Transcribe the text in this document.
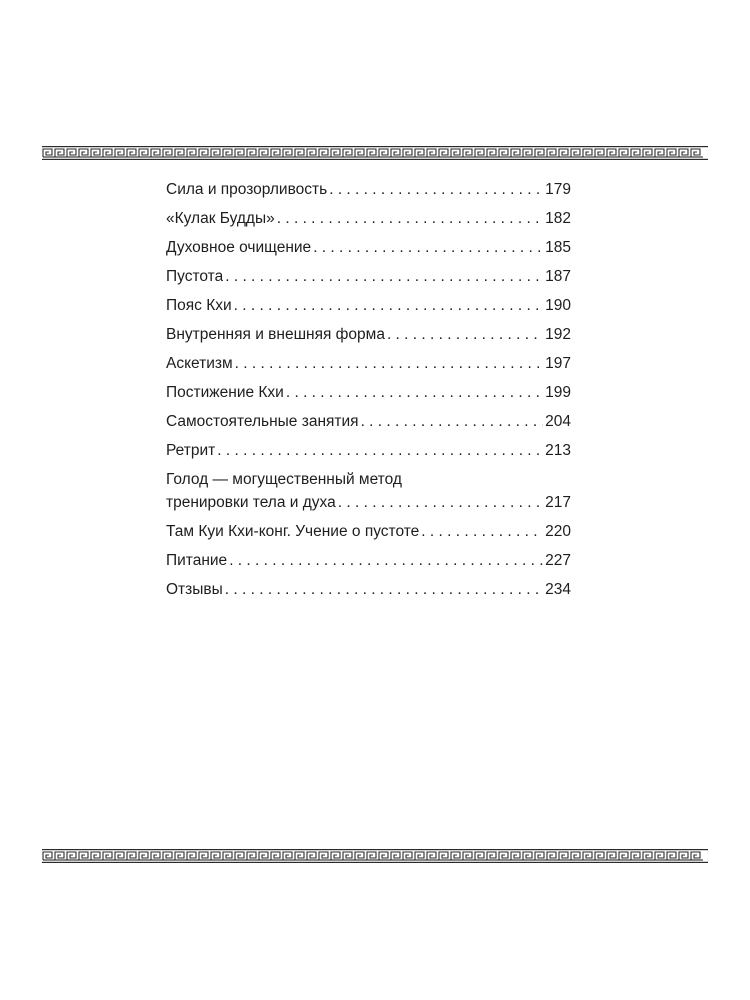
Сила и прозорливость . . .	179
«Кулак Будды» . . .	182
Духовное очищение . . .	185
Пустота . . .	187
Пояс Кхи . . .	190
Внутренняя и внешняя форма . . .	192
Аскетизм . . .	197
Постижение Кхи . . .	199
Самостоятельные занятия . . .	204
Ретрит . . .	213
Голод — могущественный метод
тренировки тела и духа . . .	217
Там Куи Кхи-конг. Учение о пустоте . . .	220
Питание . . .	227
Отзывы . . .	234
